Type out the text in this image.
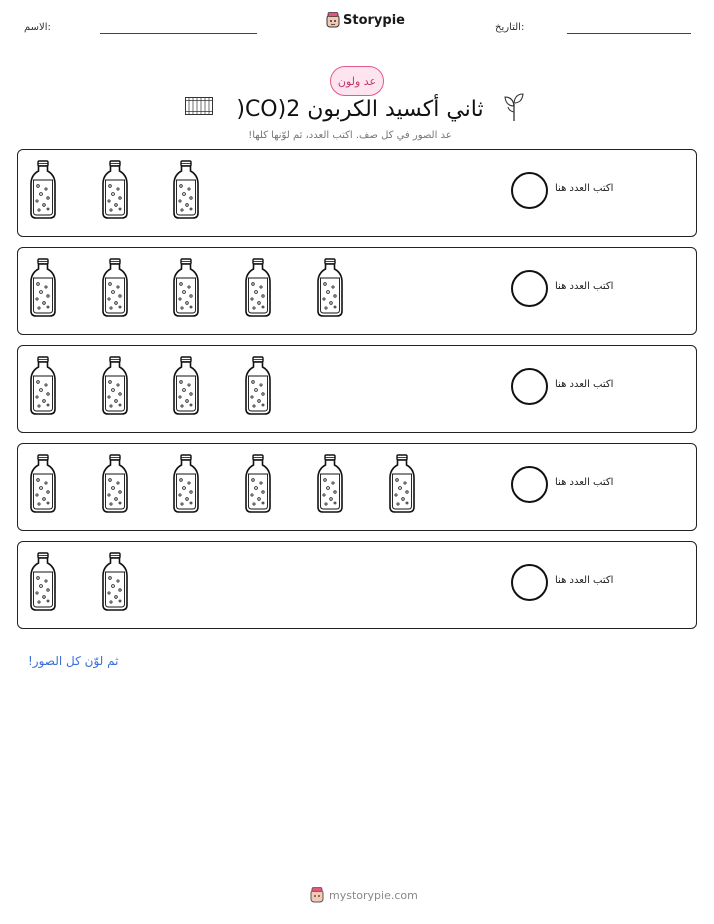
الاسم:	Storypie	التاريخ:
عد ولون
ثاني أكسيد الكربون 2(CO(
عد الصور في كل صف. اكتب العدد، ثم لوّنها كلها!
اكتب العدد هنا
اكتب العدد هنا
اكتب العدد هنا
اكتب العدد هنا
اكتب العدد هنا
ثم لوّن كل الصور!
mystorypie.com
